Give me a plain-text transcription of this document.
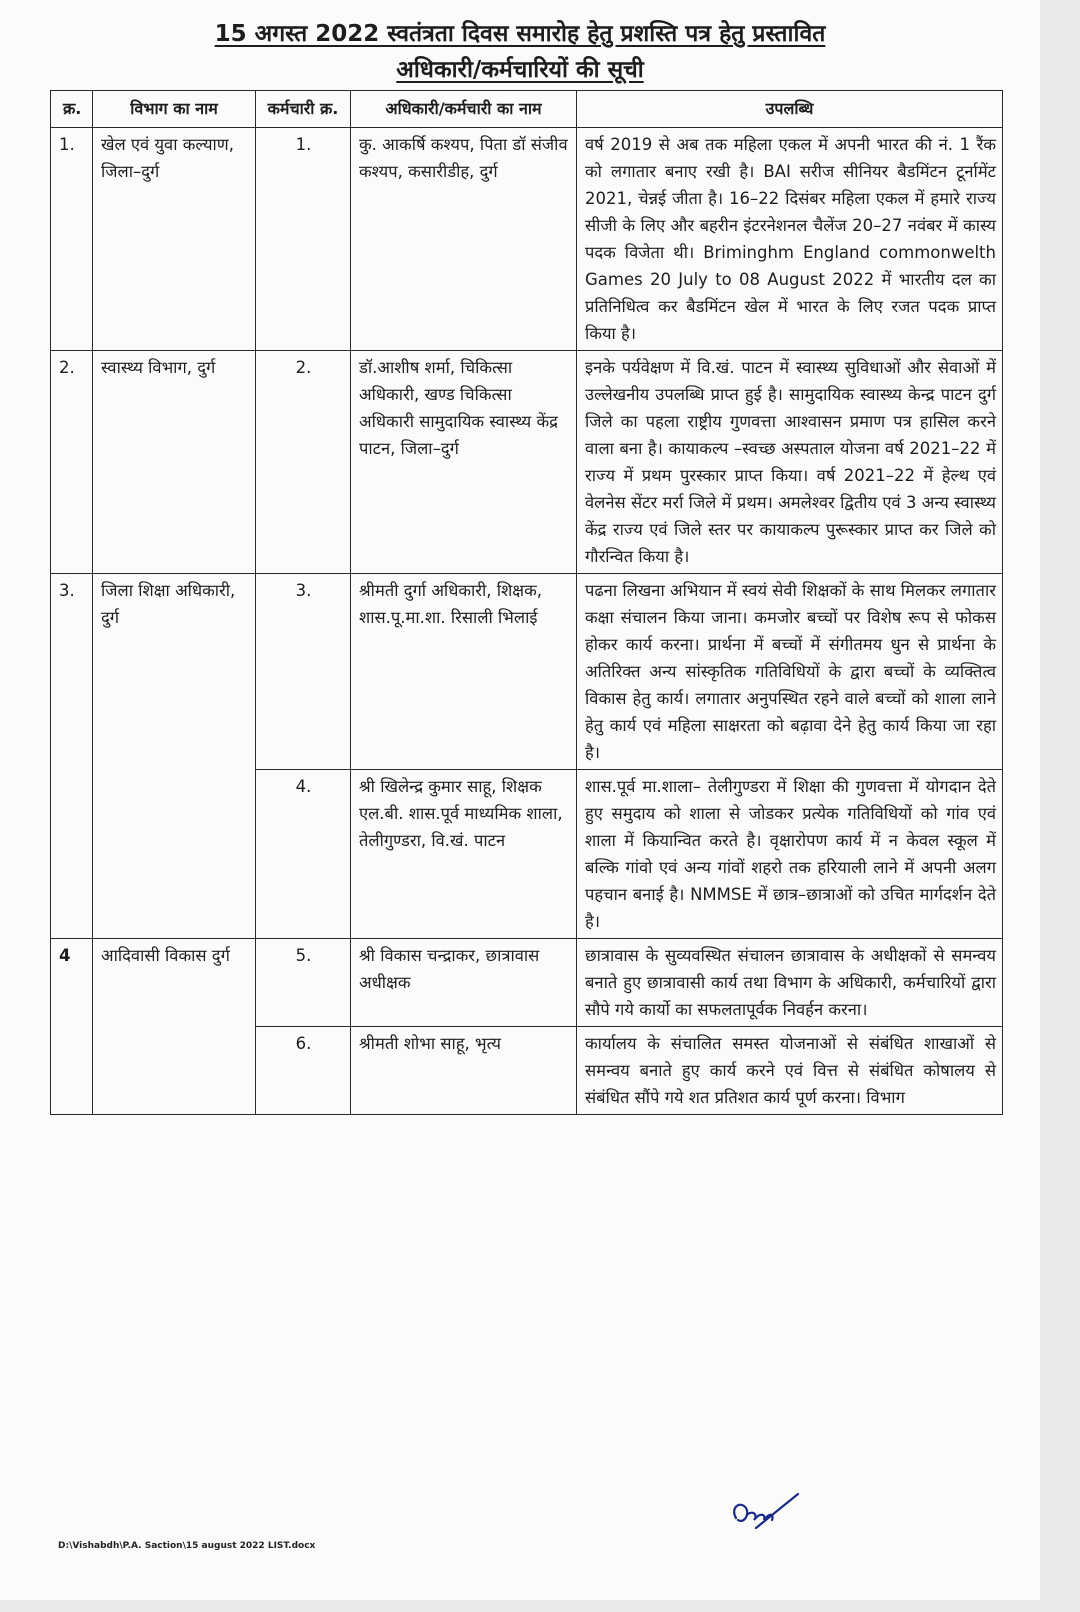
15 अगस्त 2022 स्वतंत्रता दिवस समारोह हेतु प्रशस्ति पत्र हेतु प्रस्तावित
अधिकारी/कर्मचारियों की सूची
क्र.	विभाग का नाम	कर्मचारी क्र.	अधिकारी/कर्मचारी का नाम	उपलब्धि
1.	खेल एवं युवा कल्याण, जिला–दुर्ग	1.	कु. आकर्षि कश्यप, पिता डॉ संजीव कश्यप, कसारीडीह, दुर्ग	वर्ष 2019 से अब तक महिला एकल में अपनी भारत की नं. 1 रैंक को लगातार बनाए रखी है। BAI सरीज सीनियर बैडमिंटन टूर्नामेंट 2021, चेन्नई जीता है। 16–22 दिसंबर महिला एकल में हमारे राज्य सीजी के लिए और बहरीन इंटरनेशनल चैलेंज 20–27 नवंबर में कास्य पदक विजेता थी। Briminghm England commonwelth Games 20 July to 08 August 2022 में भारतीय दल का प्रतिनिधित्व कर बैडमिंटन खेल में भारत के लिए रजत पदक प्राप्त किया है।
2.	स्वास्थ्य विभाग, दुर्ग	2.	डॉ.आशीष शर्मा, चिकित्सा अधिकारी, खण्ड चिकित्सा अधिकारी सामुदायिक स्वास्थ्य केंद्र पाटन, जिला–दुर्ग	इनके पर्यवेक्षण में वि.खं. पाटन में स्वास्थ्य सुविधाओं और सेवाओं में उल्लेखनीय उपलब्धि प्राप्त हुई है। सामुदायिक स्वास्थ्य केन्द्र पाटन दुर्ग जिले का पहला राष्ट्रीय गुणवत्ता आश्वासन प्रमाण पत्र हासिल करने वाला बना है। कायाकल्प –स्वच्छ अस्पताल योजना वर्ष 2021–22 में राज्य में प्रथम पुरस्कार प्राप्त किया। वर्ष 2021–22 में हेल्थ एवं वेलनेस सेंटर मर्रा जिले में प्रथम। अमलेश्वर द्वितीय एवं 3 अन्य स्वास्थ्य केंद्र राज्य एवं जिले स्तर पर कायाकल्प पुरूस्कार प्राप्त कर जिले को गौरन्वित किया है।
3.	जिला शिक्षा अधिकारी, दुर्ग	3.	श्रीमती दुर्गा अधिकारी, शिक्षक, शास.पू.मा.शा. रिसाली भिलाई	पढना लिखना अभियान में स्वयं सेवी शिक्षकों के साथ मिलकर लगातार कक्षा संचालन किया जाना। कमजोर बच्चों पर विशेष रूप से फोकस होकर कार्य करना। प्रार्थना में बच्चों में संगीतमय धुन से प्रार्थना के अतिरिक्त अन्य सांस्कृतिक गतिविधियों के द्वारा बच्चों के व्यक्तित्व विकास हेतु कार्य। लगातार अनुपस्थित रहने वाले बच्चों को शाला लाने हेतु कार्य एवं महिला साक्षरता को बढ़ावा देने हेतु कार्य किया जा रहा है।
		4.	श्री खिलेन्द्र कुमार साहू, शिक्षक एल.बी. शास.पूर्व माध्यमिक शाला, तेलीगुण्डरा, वि.खं. पाटन	शास.पूर्व मा.शाला– तेलीगुण्डरा में शिक्षा की गुणवत्ता में योगदान देते हुए समुदाय को शाला से जोडकर प्रत्येक गतिविधियों को गांव एवं शाला में कियान्वित करते है। वृक्षारोपण कार्य में न केवल स्कूल में बल्कि गांवो एवं अन्य गांवों शहरो तक हरियाली लाने में अपनी अलग पहचान बनाई है। NMMSE में छात्र–छात्राओं को उचित मार्गदर्शन देते है।
4	आदिवासी विकास दुर्ग	5.	श्री विकास चन्द्राकर, छात्रावास अधीक्षक	छात्रावास के सुव्यवस्थित संचालन छात्रावास के अधीक्षकों से समन्वय बनाते हुए छात्रावासी कार्य तथा विभाग के अधिकारी, कर्मचारियों द्वारा सौपे गये कार्यो का सफलतापूर्वक निवर्हन करना।
		6.	श्रीमती शोभा साहू, भृत्य	कार्यालय के संचालित समस्त योजनाओं से संबंधित शाखाओं से समन्वय बनाते हुए कार्य करने एवं वित्त से संबंधित कोषालय से संबंधित सौंपे गये शत प्रतिशत कार्य पूर्ण करना। विभाग
D:\Vishabdh\P.A. Saction\15 august 2022 LIST.docx
